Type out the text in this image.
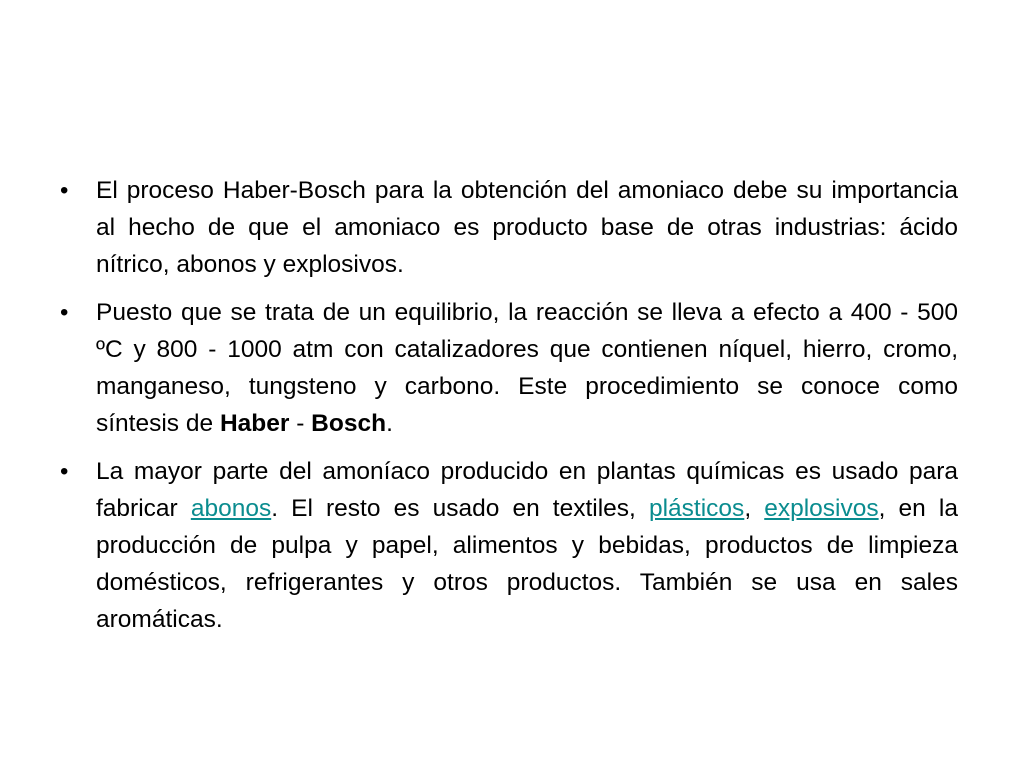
•	El proceso Haber-Bosch para la obtención del amoniaco debe su importancia al hecho de que el amoniaco es producto base de otras industrias: ácido nítrico, abonos y explosivos.
•	Puesto que se trata de un equilibrio, la reacción se lleva a efecto a 400 - 500 ºC y 800 - 1000 atm con catalizadores que contienen níquel, hierro, cromo, manganeso, tungsteno y carbono. Este procedimiento se conoce como síntesis de Haber - Bosch.
•	La mayor parte del amoníaco producido en plantas químicas es usado para fabricar abonos. El resto es usado en textiles, plásticos, explosivos, en la producción de pulpa y papel, alimentos y bebidas, productos de limpieza domésticos, refrigerantes y otros productos. También se usa en sales aromáticas.
